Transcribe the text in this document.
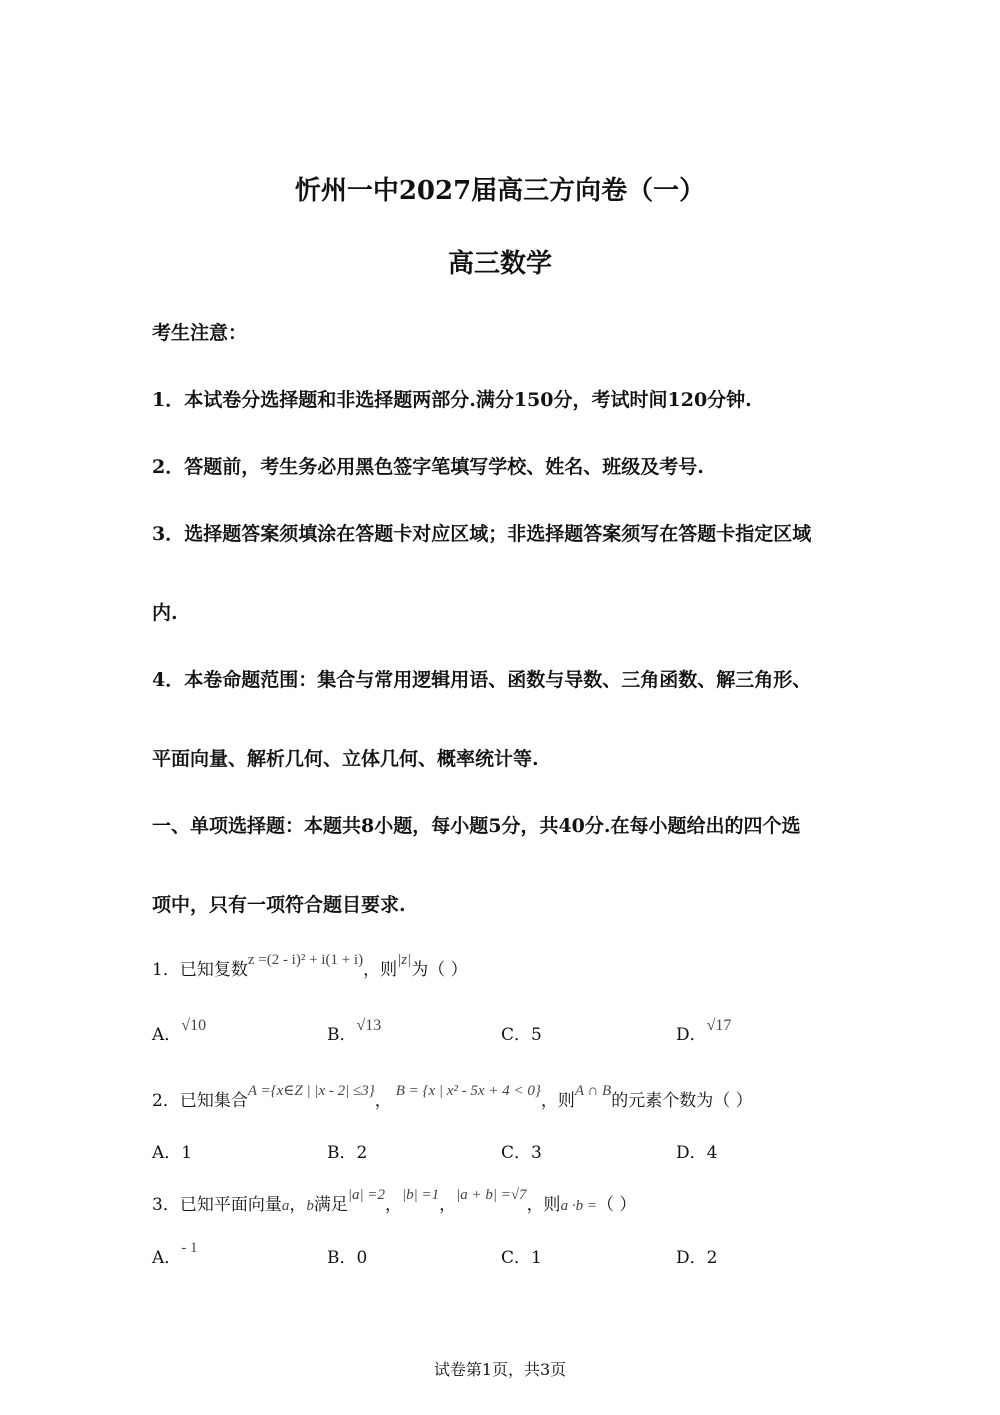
忻州一中2027届高三方向卷（一）
高三数学
考生注意：
1．本试卷分选择题和非选择题两部分.满分150分，考试时间120分钟.
2．答题前，考生务必用黑色签字笔填写学校、姓名、班级及考号.
3．选择题答案须填涂在答题卡对应区域；非选择题答案须写在答题卡指定区域
内.
4．本卷命题范围：集合与常用逻辑用语、函数与导数、三角函数、解三角形、
平面向量、解析几何、立体几何、概率统计等.
一、单项选择题：本题共8小题，每小题5分，共40分.在每小题给出的四个选
项中，只有一项符合题目要求.
1．已知复数z =(2 - i)² + i(1 + i)，则|z|为（ ）
A．√10	B．√13	C．5	D．√17
2．已知集合A ={x∈Z | |x - 2| ≤3}， B = {x | x² - 5x + 4 < 0}，则A ∩ B的元素个数为（ ）
A．1	B．2	C．3	D．4
3．已知平面向量a，b满足|a| =2，|b| =1，|a + b| =√7，则a ·b =（ ）
A．- 1	B．0	C．1	D．2
试卷第1页，共3页
